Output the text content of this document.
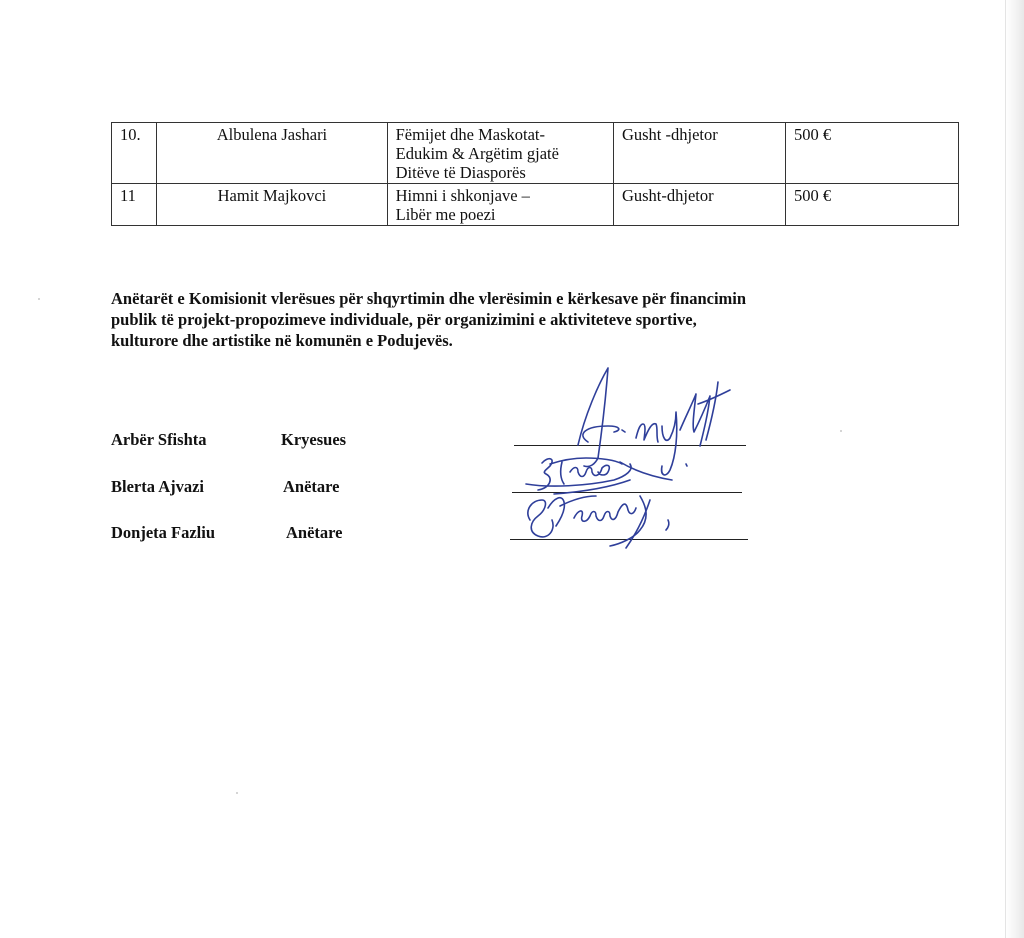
10.	Albulena Jashari	Fëmijet dhe Maskotat-
Edukim & Argëtim gjatë
Ditëve të Diasporës	Gusht -dhjetor	500 €
11	Hamit Majkovci	Himni i shkonjave –
Libër me poezi	Gusht-dhjetor	500 €
Anëtarët e Komisionit vlerësues për shqyrtimin dhe vlerësimin e kërkesave për financimin
publik të projekt-propozimeve individuale, për organizimini e aktiviteteve sportive,
kulturore dhe artistike në komunën e Podujevës.
Arbër Sfishta	Kryesues
Blerta Ajvazi	Anëtare
Donjeta Fazliu	Anëtare
